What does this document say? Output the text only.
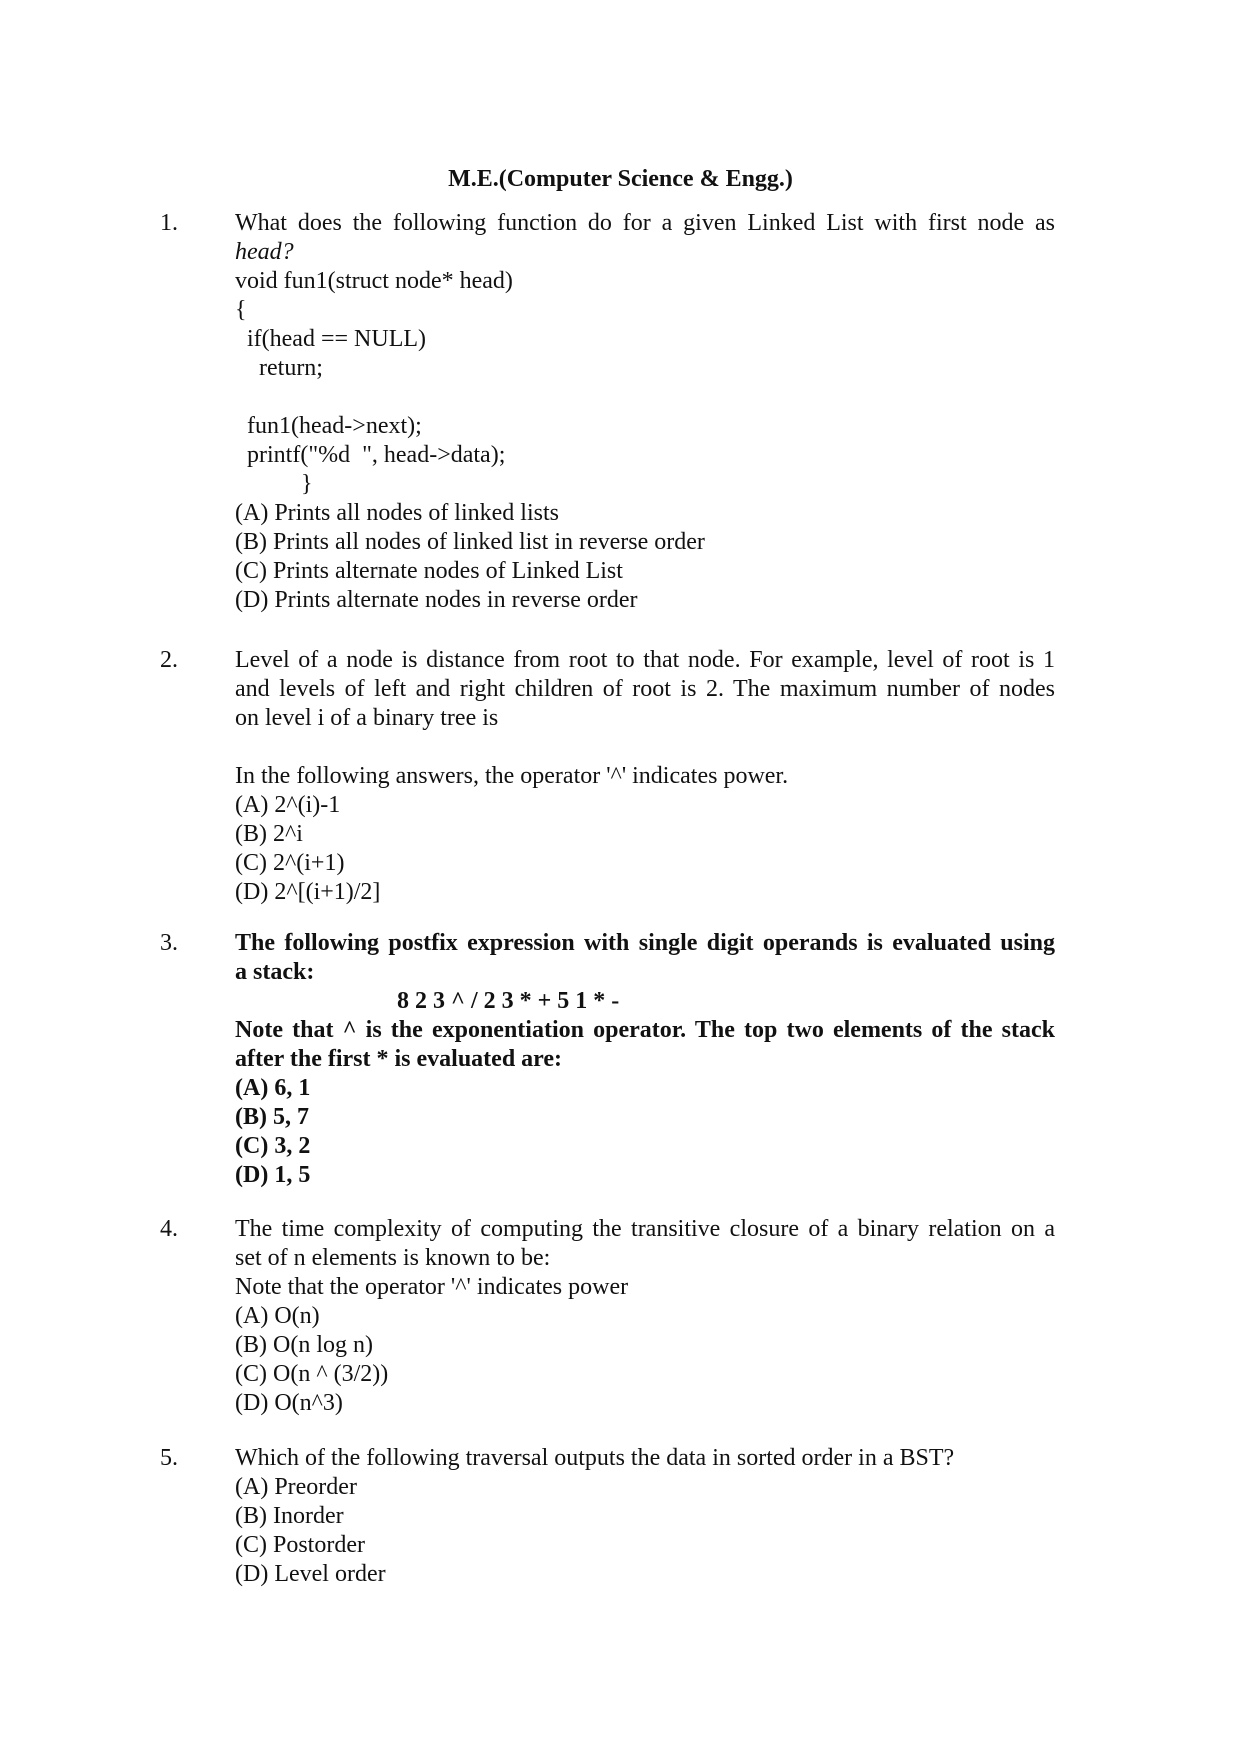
M.E.(Computer Science & Engg.)
1. What does the following function do for a given Linked List with first node as
head?
void fun1(struct node* head)
{
if(head == NULL)
return;
fun1(head->next);
printf("%d  ", head->data);
}
(A) Prints all nodes of linked lists
(B) Prints all nodes of linked list in reverse order
(C) Prints alternate nodes of Linked List
(D) Prints alternate nodes in reverse order
2. Level of a node is distance from root to that node. For example, level of root is 1
and levels of left and right children of root is 2. The maximum number of nodes
on level i of a binary tree is
In the following answers, the operator '^' indicates power.
(A) 2^(i)-1
(B) 2^i
(C) 2^(i+1)
(D) 2^[(i+1)/2]
3. The following postfix expression with single digit operands is evaluated using
a stack:
8 2 3 ^ / 2 3 * + 5 1 * -
Note that ^ is the exponentiation operator. The top two elements of the stack
after the first * is evaluated are:
(A) 6, 1
(B) 5, 7
(C) 3, 2
(D) 1, 5
4. The time complexity of computing the transitive closure of a binary relation on a
set of n elements is known to be:
Note that the operator '^' indicates power
(A) O(n)
(B) O(n log n)
(C) O(n ^ (3/2))
(D) O(n^3)
5. Which of the following traversal outputs the data in sorted order in a BST?
(A) Preorder
(B) Inorder
(C) Postorder
(D) Level order
